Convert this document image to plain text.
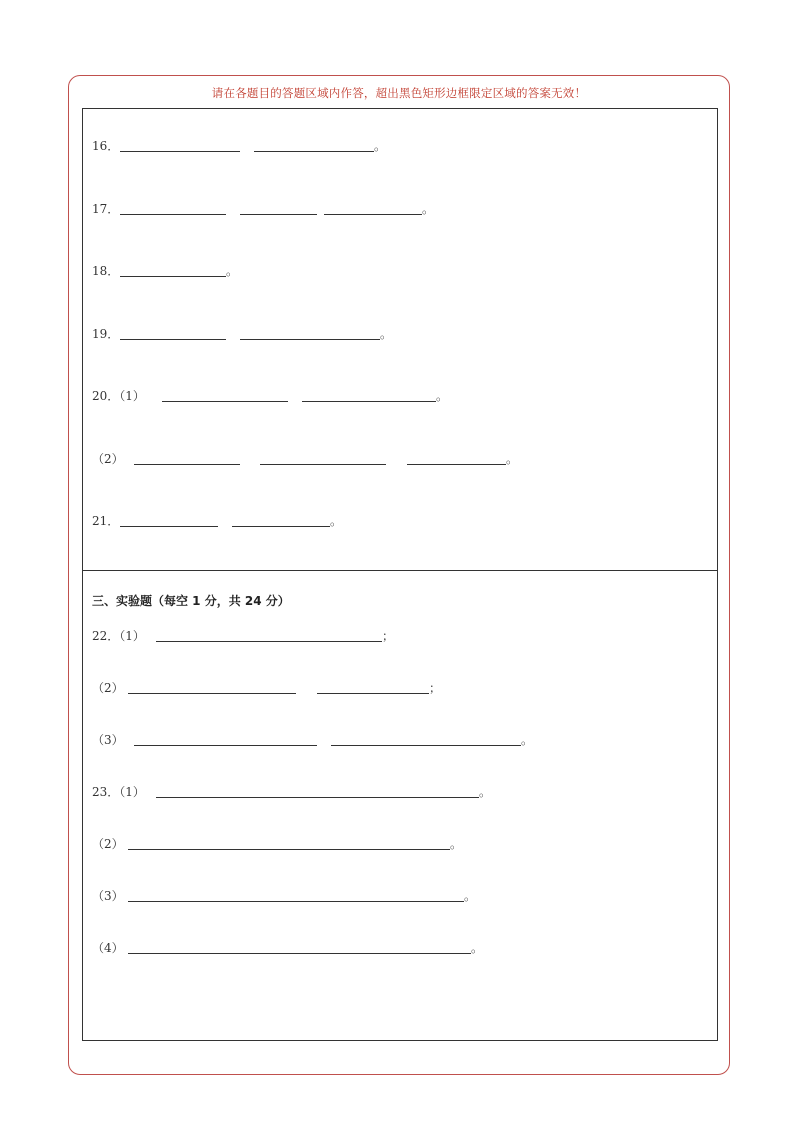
请在各题目的答题区域内作答，超出黑色矩形边框限定区域的答案无效！
16．	。
17．	。
18．	。
19．	。
20．（1）	。
（2）	。
21．	。
三、实验题（每空 1 分，共 24 分）
22．（1）	；
（2）	；
（3）	。
23．（1）	。
（2）	。
（3）	。
（4）	。
